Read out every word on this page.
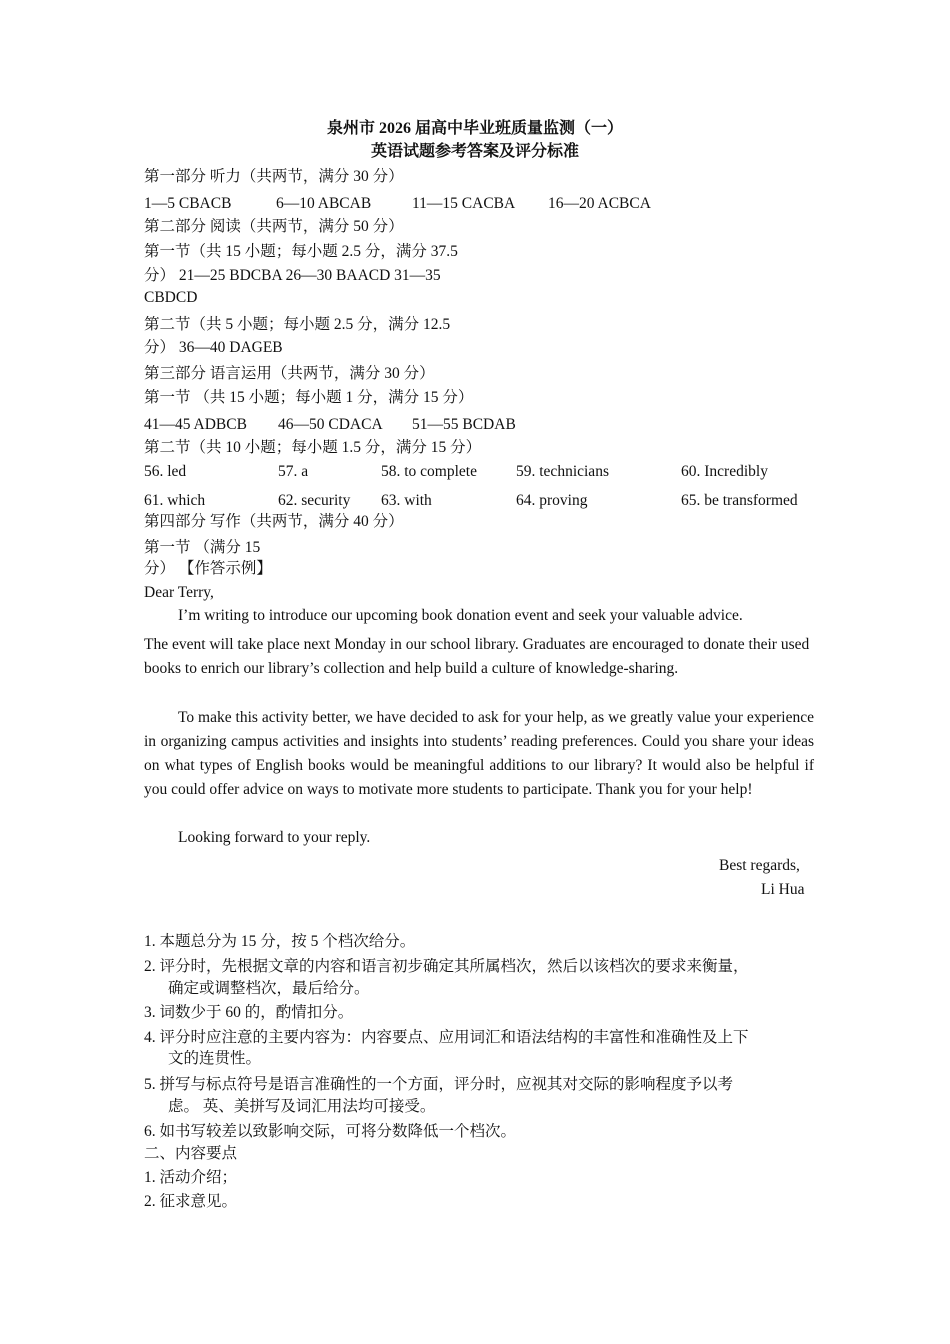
泉州市 2026 届高中毕业班质量监测（一）
英语试题参考答案及评分标准
第一部分 听力（共两节，满分 30 分）
1—5 CBACB	6—10 ABCAB	11—15 CACBA 16—20 ACBCA
第二部分 阅读（共两节，满分 50 分）
第一节（共 15 小题；每小题 2.5 分，满分 37.5
分） 21—25 BDCBA 26—30 BAACD 31—35
CBDCD
第二节（共 5 小题；每小题 2.5 分，满分 12.5
分） 36—40 DAGEB
第三部分 语言运用（共两节，满分 30 分）
第一节 （共 15 小题；每小题 1 分，满分 15 分）
41—45 ADBCB 46—50 CDACA 51—55 BCDAB
第二节（共 10 小题；每小题 1.5 分，满分 15 分）
56. led	57. a	58. to complete	59. technicians	60. Incredibly
61. which	62. security 63. with	64. proving	65. be transformed
第四部分 写作（共两节，满分 40 分）
第一节 （满分 15
分） 【作答示例】
Dear Terry,
I’m writing to introduce our upcoming book donation event and seek your valuable advice.
The event will take place next Monday in our school library. Graduates are encouraged to donate their used books to enrich our library’s collection and help build a culture of knowledge-sharing.
To make this activity better, we have decided to ask for your help, as we greatly value your experience in organizing campus activities and insights into students’ reading preferences. Could you share your ideas on what types of English books would be meaningful additions to our library? It would also be helpful if you could offer advice on ways to motivate more students to participate. Thank you for your help!
Looking forward to your reply.
Best regards,
Li Hua
1. 本题总分为 15 分，按 5 个档次给分。
2. 评分时，先根据文章的内容和语言初步确定其所属档次，然后以该档次的要求来衡量，
确定或调整档次，最后给分。
3. 词数少于 60 的，酌情扣分。
4. 评分时应注意的主要内容为：内容要点、应用词汇和语法结构的丰富性和准确性及上下
文的连贯性。
5. 拼写与标点符号是语言准确性的一个方面，评分时，应视其对交际的影响程度予以考
虑。 英、美拼写及词汇用法均可接受。
6. 如书写较差以致影响交际，可将分数降低一个档次。
二、内容要点
1. 活动介绍；
2. 征求意见。
